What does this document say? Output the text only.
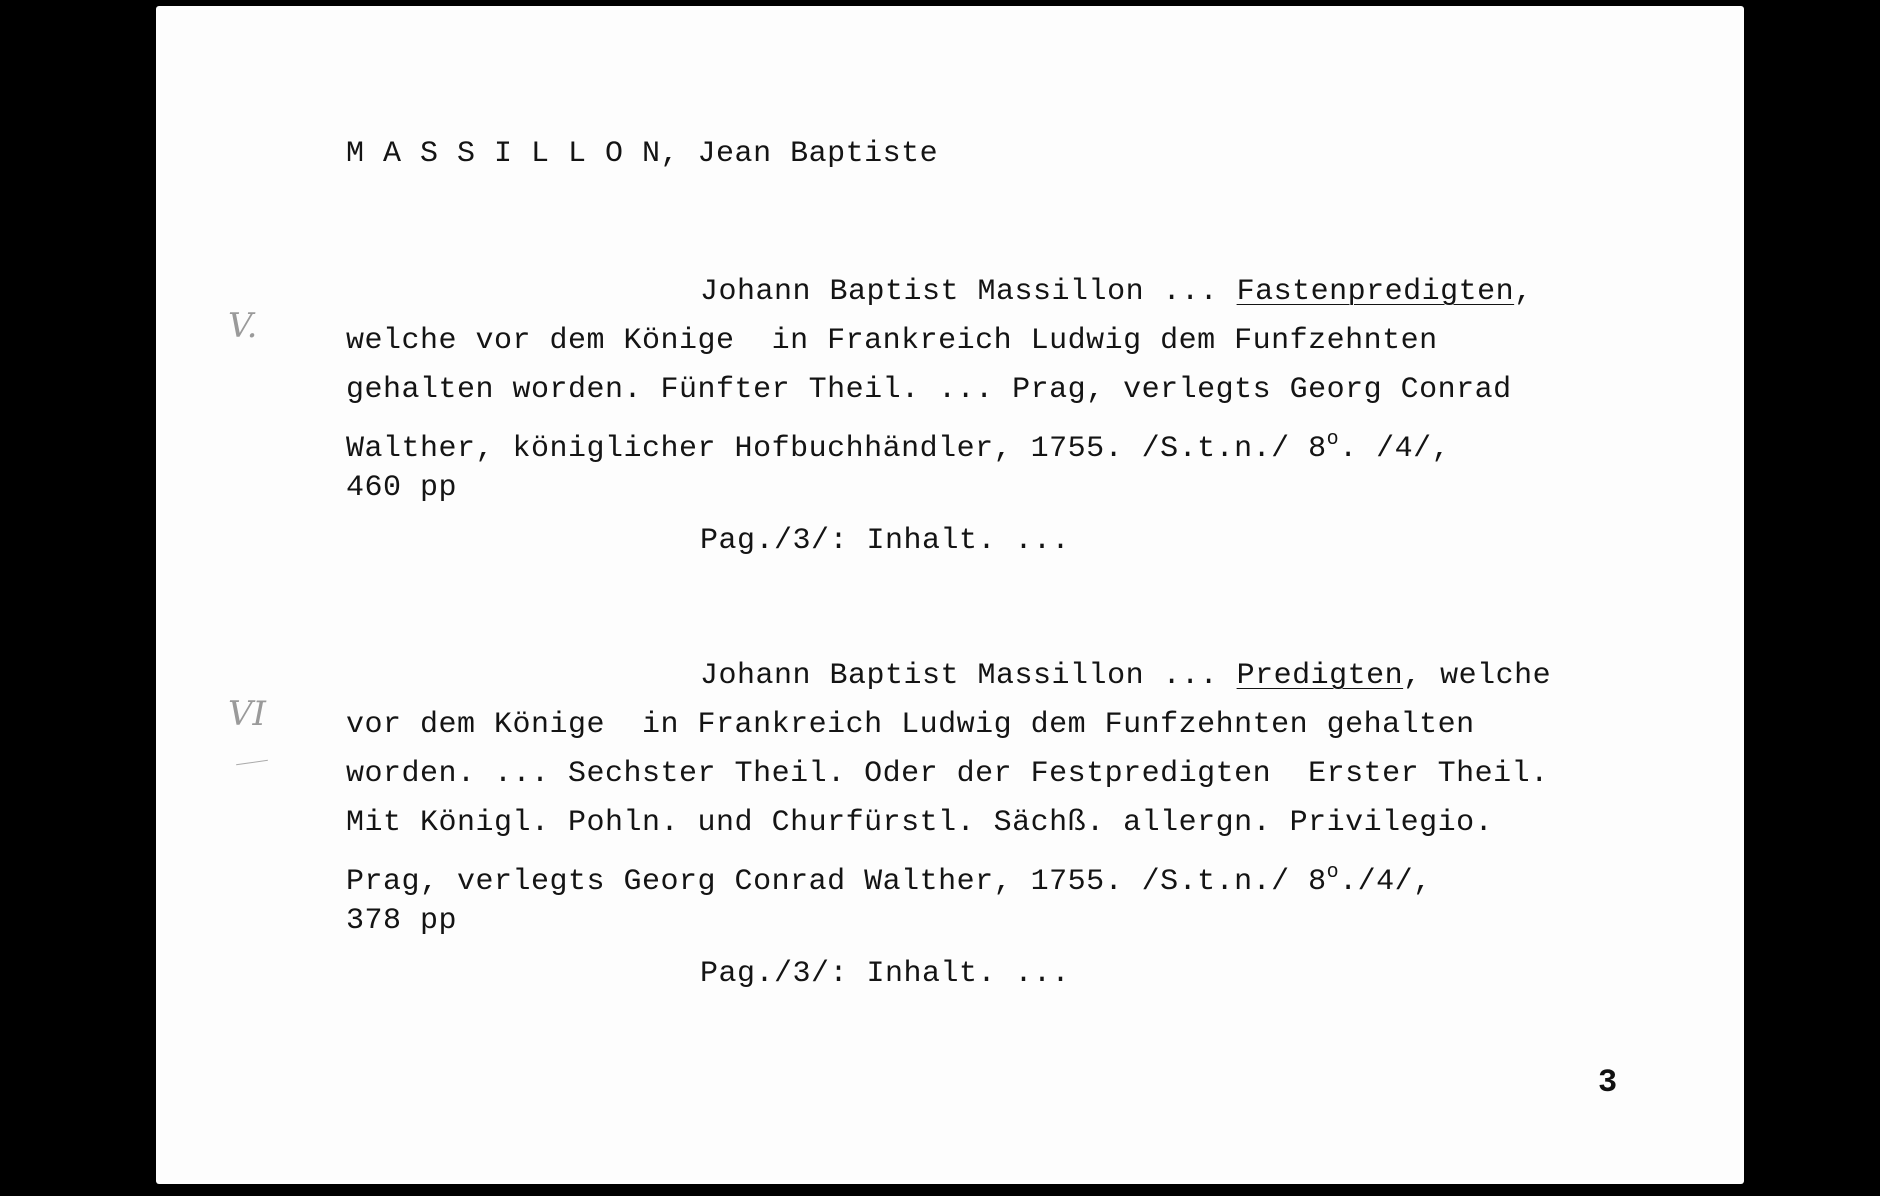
M A S S I L L O N, Jean Baptiste
V.
Johann Baptist Massillon ... Fastenpredigten,
welche vor dem Könige  in Frankreich Ludwig dem Funfzehnten
gehalten worden. Fünfter Theil. ... Prag, verlegts Georg Conrad
Walther, königlicher Hofbuchhändler, 1755. /S.t.n./ 8$^o$. /4/,
460 pp
Pag./3/: Inhalt. ...
VI
Johann Baptist Massillon ... Predigten, welche
vor dem Könige  in Frankreich Ludwig dem Funfzehnten gehalten
worden. ... Sechster Theil. Oder der Festpredigten  Erster Theil.
Mit Königl. Pohln. und Churfürstl. Sächß. allergn. Privilegio.
Prag, verlegts Georg Conrad Walther, 1755. /S.t.n./ 8$^o$./4/,
378 pp
Pag./3/: Inhalt. ...
3
